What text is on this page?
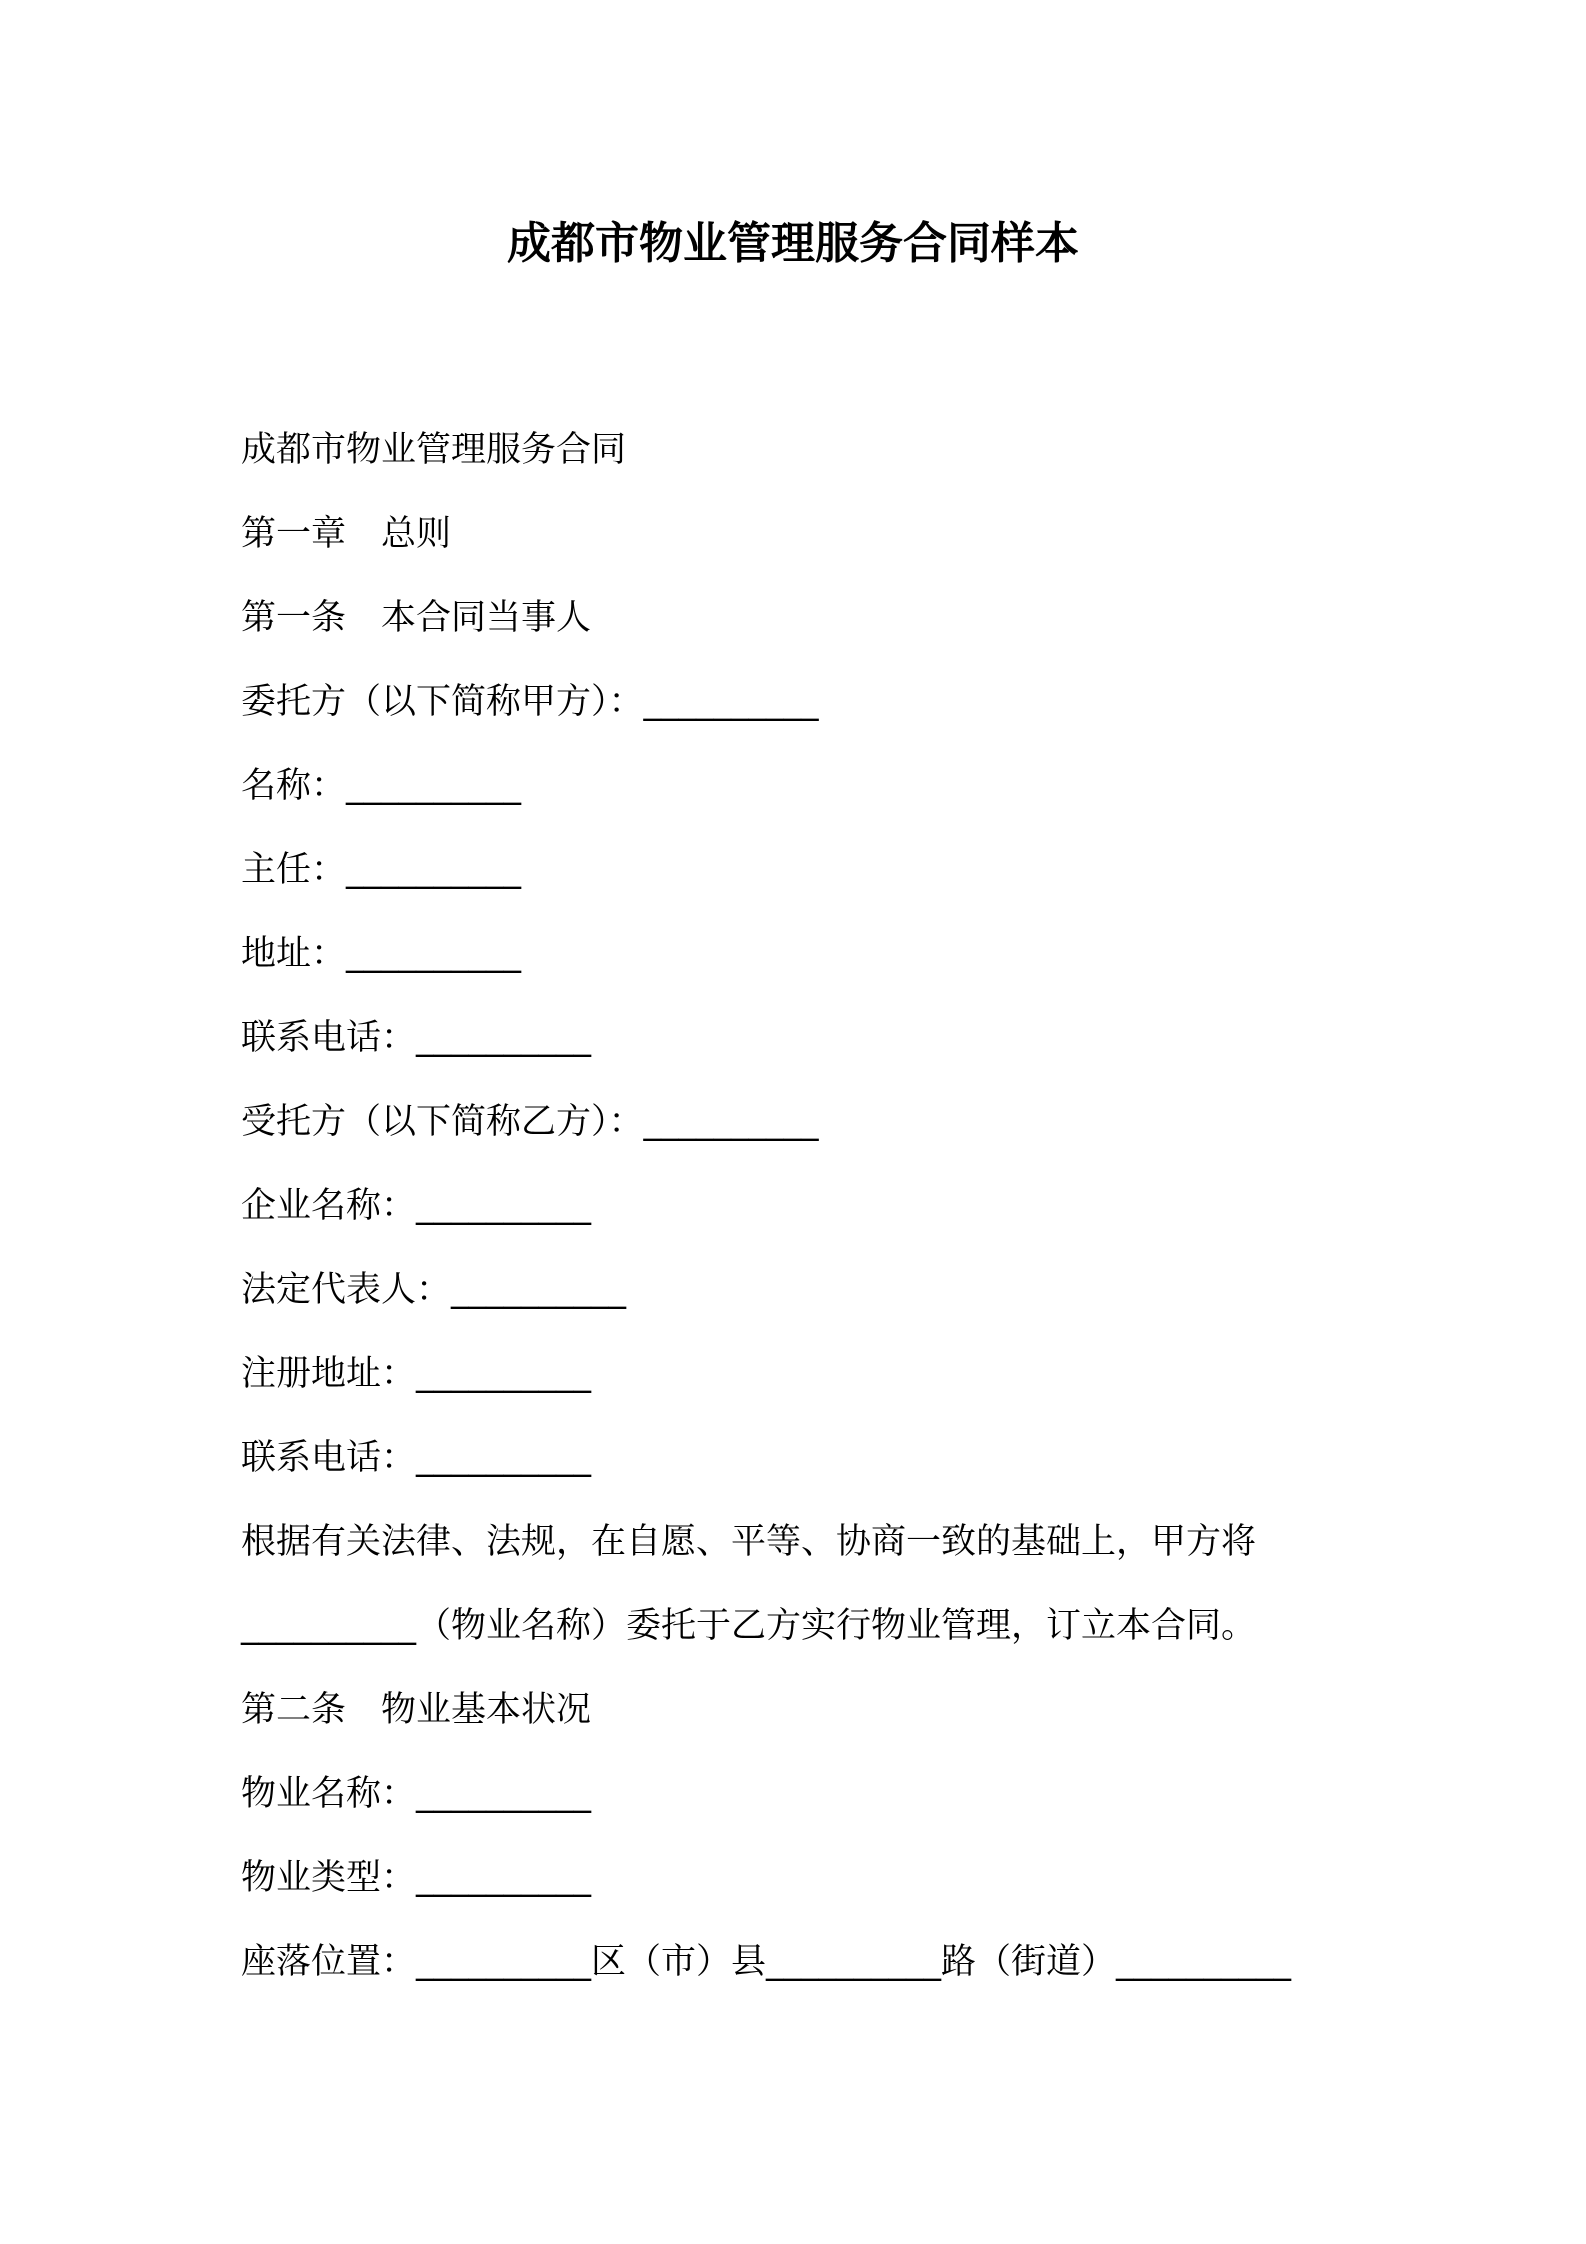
成都市物业管理服务合同样本

成都市物业管理服务合同

第一章 总则

第一条 本合同当事人

委托方（以下简称甲方）：__________

名称：__________

主任：__________

地址：__________

联系电话：__________

受托方（以下简称乙方）：__________

企业名称：__________

法定代表人：__________

注册地址：__________

联系电话：__________

根据有关法律、法规，在自愿、平等、协商一致的基础上，甲方将

__________（物业名称）委托于乙方实行物业管理，订立本合同。

第二条 物业基本状况

物业名称：__________

物业类型：__________

座落位置：__________区（市）县__________路（街道）__________
